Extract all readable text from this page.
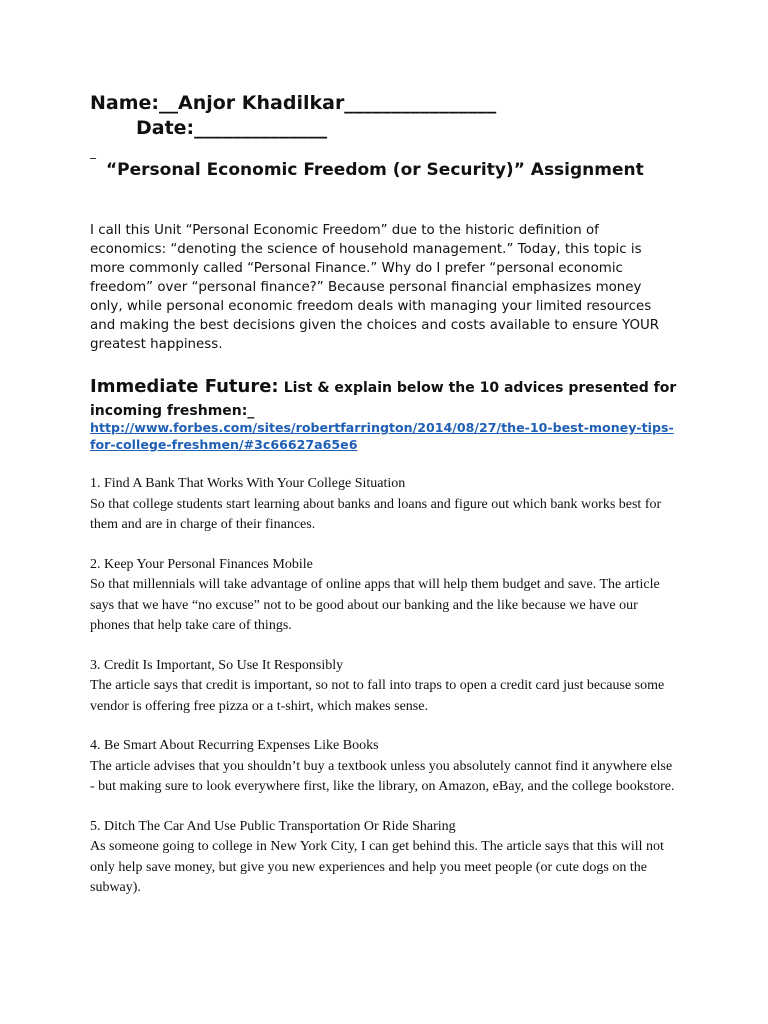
Name:__Anjor Khadilkar________________
Date:______________
_
“Personal Economic Freedom (or Security)” Assignment

I call this Unit “Personal Economic Freedom” due to the historic definition of economics: “denoting the science of household management.” Today, this topic is more commonly called “Personal Finance.” Why do I prefer “personal economic freedom” over “personal finance?” Because personal financial emphasizes money only, while personal economic freedom deals with managing your limited resources and making the best decisions given the choices and costs available to ensure YOUR greatest happiness.

Immediate Future: List & explain below the 10 advices presented for incoming freshmen:_

http://www.forbes.com/sites/robertfarrington/2014/08/27/the-10-best-money-tips-for-college-freshmen/#3c66627a65e6

1. Find A Bank That Works With Your College Situation
So that college students start learning about banks and loans and figure out which bank works best for them and are in charge of their finances.
2. Keep Your Personal Finances Mobile
So that millennials will take advantage of online apps that will help them budget and save. The article says that we have “no excuse” not to be good about our banking and the like because we have our phones that help take care of things.
3. Credit Is Important, So Use It Responsibly
The article says that credit is important, so not to fall into traps to open a credit card just because some vendor is offering free pizza or a t-shirt, which makes sense.
4. Be Smart About Recurring Expenses Like Books
The article advises that you shouldn’t buy a textbook unless you absolutely cannot find it anywhere else - but making sure to look everywhere first, like the library, on Amazon, eBay, and the college bookstore.
5. Ditch The Car And Use Public Transportation Or Ride Sharing
As someone going to college in New York City, I can get behind this. The article says that this will not only help save money, but give you new experiences and help you meet people (or cute dogs on the subway).
